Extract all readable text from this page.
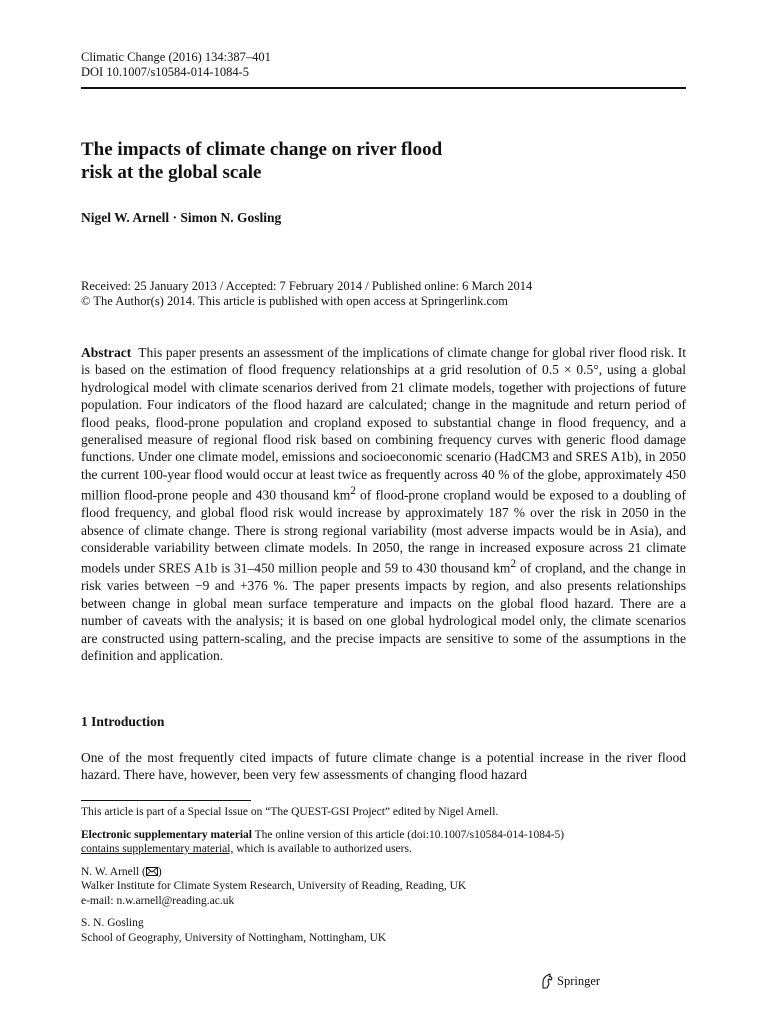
Climatic Change (2016) 134:387–401
DOI 10.1007/s10584-014-1084-5
The impacts of climate change on river flood
risk at the global scale
Nigel W. Arnell · Simon N. Gosling
Received: 25 January 2013 / Accepted: 7 February 2014 / Published online: 6 March 2014
© The Author(s) 2014. This article is published with open access at Springerlink.com

Abstract This paper presents an assessment of the implications of climate change for global river flood risk. It is based on the estimation of flood frequency relationships at a grid resolution of 0.5 × 0.5°, using a global hydrological model with climate scenarios derived from 21 climate models, together with projections of future population. Four indicators of the flood hazard are calculated; change in the magnitude and return period of flood peaks, flood-prone population and cropland exposed to substantial change in flood frequency, and a generalised measure of regional flood risk based on combining frequency curves with generic flood damage functions. Under one climate model, emissions and socioeconomic scenario (HadCM3 and SRES A1b), in 2050 the current 100-year flood would occur at least twice as frequently across 40 % of the globe, approximately 450 million flood-prone people and 430 thousand $km^2$ of flood-prone cropland would be exposed to a doubling of flood frequency, and global flood risk would increase by approximately 187 % over the risk in 2050 in the absence of climate change. There is strong regional variability (most adverse impacts would be in Asia), and considerable variability between climate models. In 2050, the range in increased exposure across 21 climate models under SRES A1b is 31–450 million people and 59 to 430 thousand $km^2$ of cropland, and the change in risk varies between −9 and +376 %. The paper presents impacts by region, and also presents relationships between change in global mean surface temperature and impacts on the global flood hazard. There are a number of caveats with the analysis; it is based on one global hydrological model only, the climate scenarios are constructed using pattern-scaling, and the precise impacts are sensitive to some of the assumptions in the definition and application.

1 Introduction

One of the most frequently cited impacts of future climate change is a potential increase in the river flood hazard. There have, however, been very few assessments of changing flood hazard

This article is part of a Special Issue on “The QUEST-GSI Project” edited by Nigel Arnell.

Electronic supplementary material The online version of this article (doi:10.1007/s10584-014-1084-5)
contains supplementary material, which is available to authorized users.

N. W. Arnell ( )

Walker Institute for Climate System Research, University of Reading, Reading, UK

e-mail: n.w.arnell@reading.ac.uk

S. N. Gosling

School of Geography, University of Nottingham, Nottingham, UK

Springer
